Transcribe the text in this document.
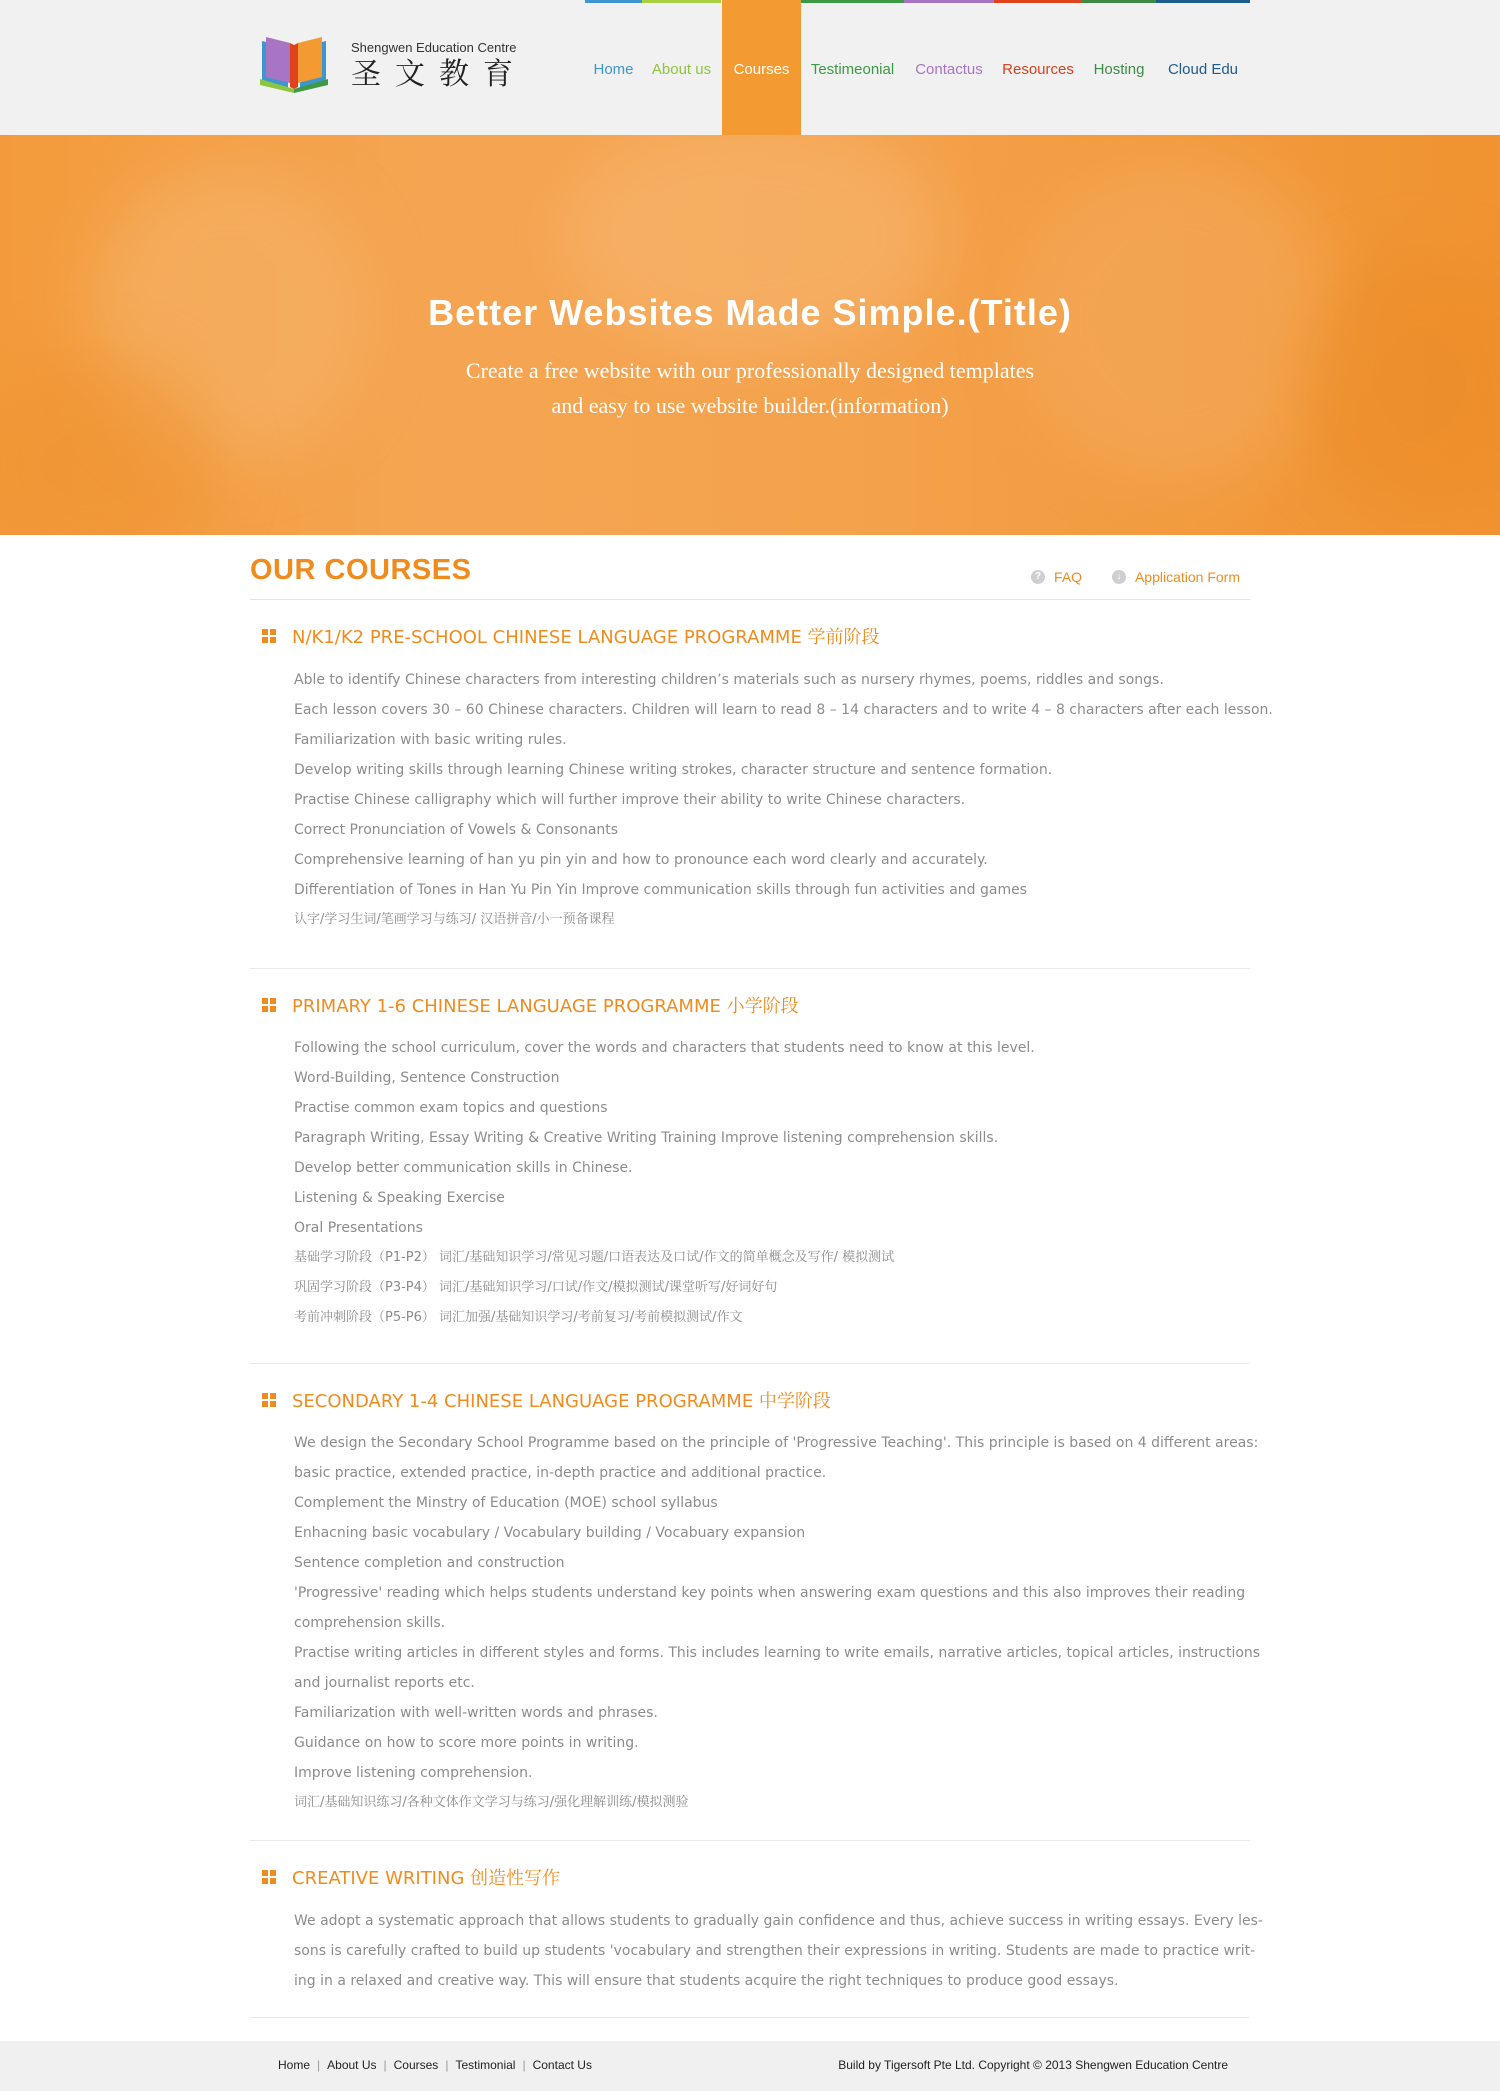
Shengwen Education Centre
圣文教育	Home	About us	Courses	Testimeonial	Contactus	Resources	Hosting	Cloud Edu
Better Websites Made Simple.(Title)
Create a free website with our professionally designed templates and easy to use website builder.(information)
OUR COURSES	? FAQ
	↓ Application Form
N/K1/K2 PRE-SCHOOL CHINESE LANGUAGE PROGRAMME 学前阶段

Able to identify Chinese characters from interesting children’s materials such as nursery rhymes, poems, riddles and songs.

Each lesson covers 30 – 60 Chinese characters. Children will learn to read 8 – 14 characters and to write 4 – 8 characters after each lesson.

Familiarization with basic writing rules.

Develop writing skills through learning Chinese writing strokes, character structure and sentence formation.

Practise Chinese calligraphy which will further improve their ability to write Chinese characters.

Correct Pronunciation of Vowels & Consonants

Comprehensive learning of han yu pin yin and how to pronounce each word clearly and accurately.

Differentiation of Tones in Han Yu Pin Yin Improve communication skills through fun activities and games

认字/学习生词/笔画学习与练习/ 汉语拼音/小一预备课程

PRIMARY 1-6 CHINESE LANGUAGE PROGRAMME 小学阶段

Following the school curriculum, cover the words and characters that students need to know at this level.

Word-Building, Sentence Construction

Practise common exam topics and questions

Paragraph Writing, Essay Writing & Creative Writing Training Improve listening comprehension skills.

Develop better communication skills in Chinese.

Listening & Speaking Exercise

Oral Presentations

基础学习阶段（P1-P2） 词汇/基础知识学习/常见习题/口语表达及口试/作文的简单概念及写作/ 模拟测试

巩固学习阶段（P3-P4） 词汇/基础知识学习/口试/作文/模拟测试/课堂听写/好词好句

考前冲刺阶段（P5-P6） 词汇加强/基础知识学习/考前复习/考前模拟测试/作文

SECONDARY 1-4 CHINESE LANGUAGE PROGRAMME 中学阶段

We design the Secondary School Programme based on the principle of 'Progressive Teaching'. This principle is based on 4 different areas:

basic practice, extended practice, in-depth practice and additional practice.

Complement the Minstry of Education (MOE) school syllabus

Enhacning basic vocabulary / Vocabulary building / Vocabuary expansion

Sentence completion and construction

'Progressive' reading which helps students understand key points when answering exam questions and this also improves their reading

comprehension skills.

Practise writing articles in different styles and forms. This includes learning to write emails, narrative articles, topical articles, instructions

and journalist reports etc.

Familiarization with well-written words and phrases.

Guidance on how to score more points in writing.

Improve listening comprehension.

词汇/基础知识练习/各种文体作文学习与练习/强化理解训练/模拟测验

CREATIVE WRITING 创造性写作

We adopt a systematic approach that allows students to gradually gain confidence and thus, achieve success in writing essays. Every les-

sons is carefully crafted to build up students 'vocabulary and strengthen their expressions in writing. Students are made to practice writ-

ing in a relaxed and creative way. This will ensure that students acquire the right techniques to produce good essays.

Home | About Us | Courses | Testimonial | Contact Us	Build by Tigersoft Pte Ltd. Copyright © 2013 Shengwen Education Centre
